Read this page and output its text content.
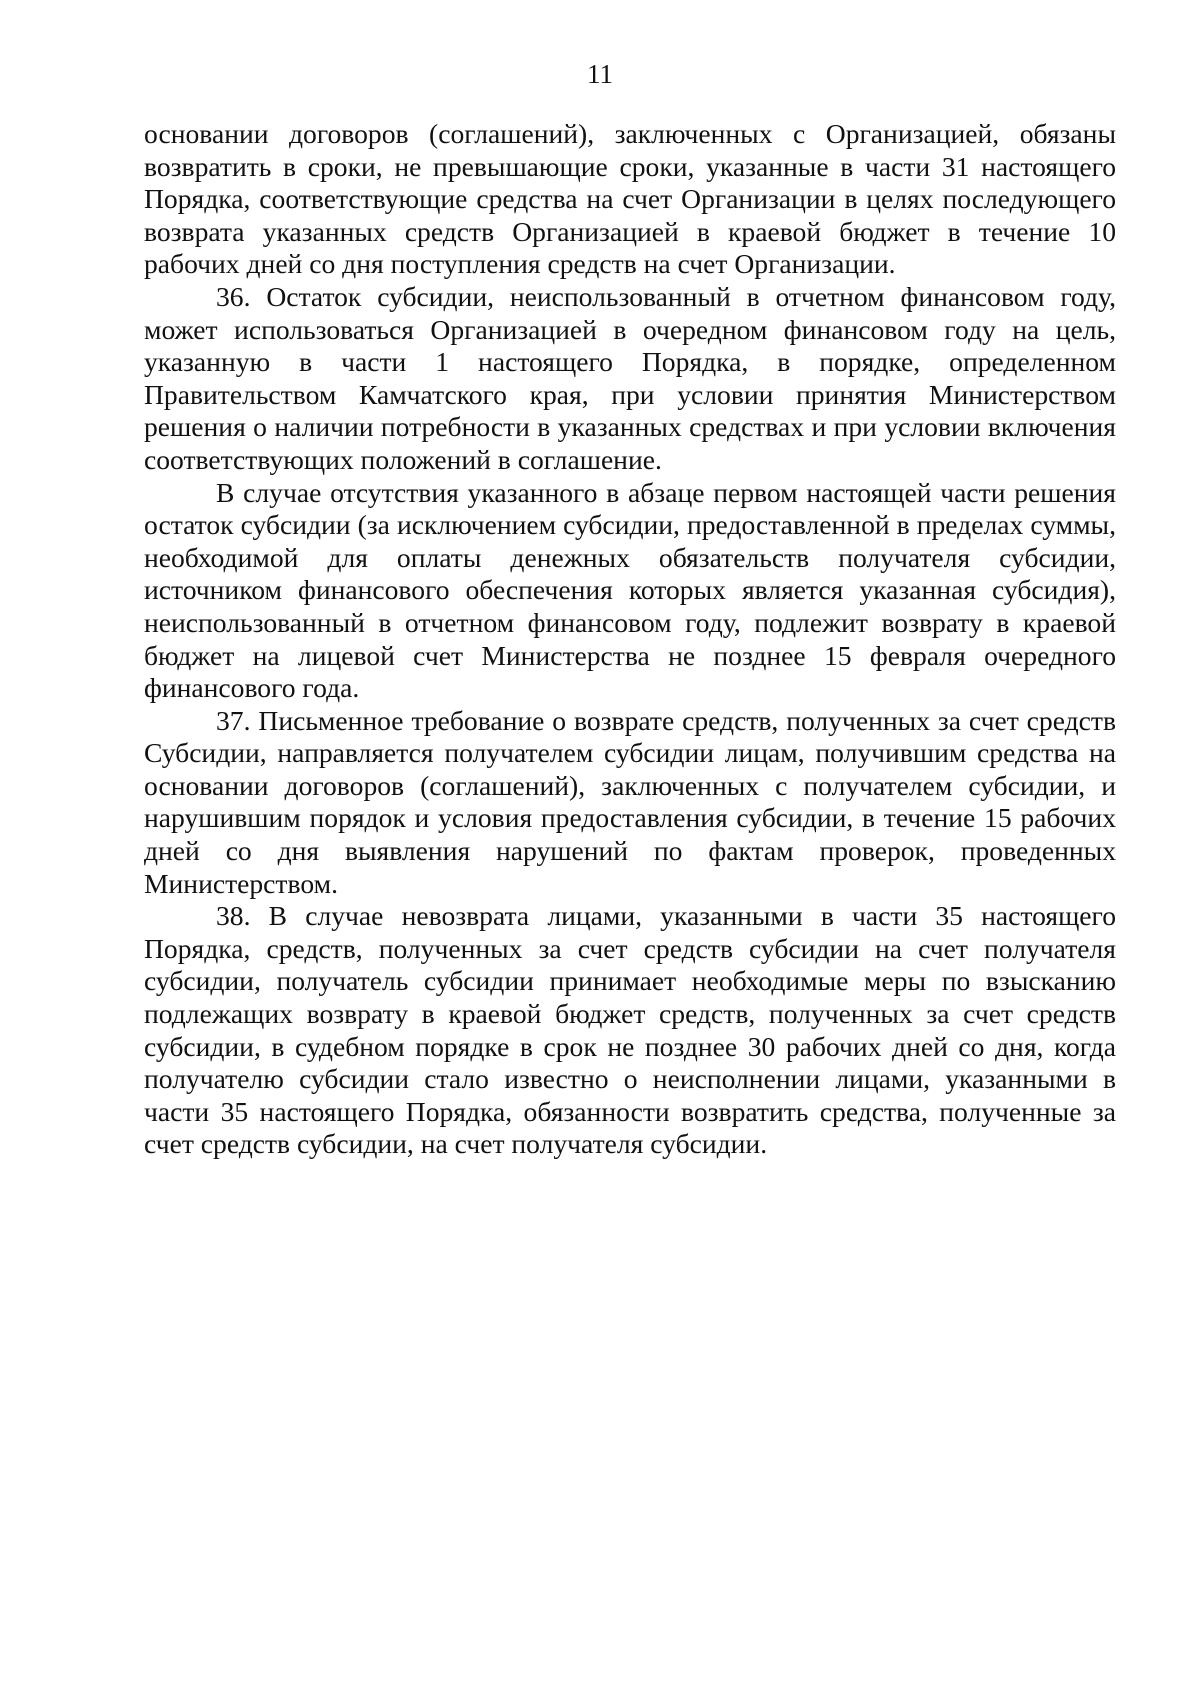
11

основании договоров (соглашений), заключенных с Организацией, обязаны возвратить в сроки, не превышающие сроки, указанные в части 31 настоящего Порядка, соответствующие средства на счет Организации в целях последующего возврата указанных средств Организацией в краевой бюджет в течение 10 рабочих дней со дня поступления средств на счет Организации.

36. Остаток субсидии, неиспользованный в отчетном финансовом году, может использоваться Организацией в очередном финансовом году на цель, указанную в части 1 настоящего Порядка, в порядке, определенном Правительством Камчатского края, при условии принятия Министерством решения о наличии потребности в указанных средствах и при условии включения соответствующих положений в соглашение.

В случае отсутствия указанного в абзаце первом настоящей части решения остаток субсидии (за исключением субсидии, предоставленной в пределах суммы, необходимой для оплаты денежных обязательств получателя субсидии, источником финансового обеспечения которых является указанная субсидия), неиспользованный в отчетном финансовом году, подлежит возврату в краевой бюджет на лицевой счет Министерства не позднее 15 февраля очередного финансового года.

37. Письменное требование о возврате средств, полученных за счет средств Субсидии, направляется получателем субсидии лицам, получившим средства на основании договоров (соглашений), заключенных с получателем субсидии, и нарушившим порядок и условия предоставления субсидии, в течение 15 рабочих дней со дня выявления нарушений по фактам проверок, проведенных Министерством.

38. В случае невозврата лицами, указанными в части 35 настоящего Порядка, средств, полученных за счет средств субсидии на счет получателя субсидии, получатель субсидии принимает необходимые меры по взысканию подлежащих возврату в краевой бюджет средств, полученных за счет средств субсидии, в судебном порядке в срок не позднее 30 рабочих дней со дня, когда получателю субсидии стало известно о неисполнении лицами, указанными в части 35 настоящего Порядка, обязанности возвратить средства, полученные за счет средств субсидии, на счет получателя субсидии.
